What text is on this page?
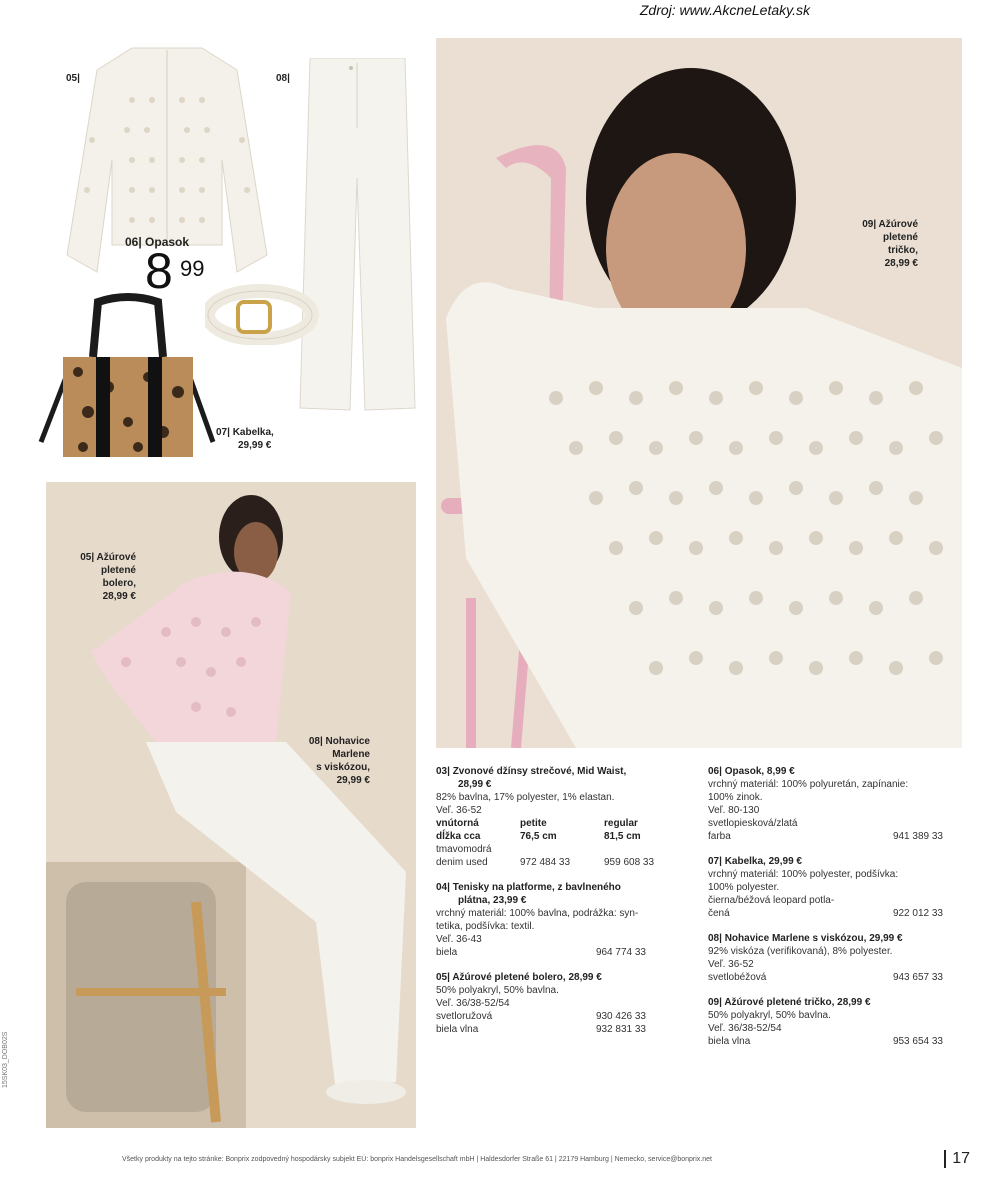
Zdroj: www.AkcneLetaky.sk
05|	08|
06| Opasok
8 99
07| Kabelka,
29,99 €
05| Ažúrové
pletené
bolero,
28,99 €
08| Nohavice
Marlene
s viskózou,
29,99 €
09| Ažúrové
pletené
tričko,
28,99 €
03| Zvonové džínsy strečové, Mid Waist,
28,99 €
82% bavlna, 17% polyester, 1% elastan.
Veľ. 36-52
vnútorná	petite	regular
dĺžka cca	76,5 cm	81,5 cm
tmavomodrá
denim used	972 484 33	959 608 33
04| Tenisky na platforme, z bavlneného
plátna, 23,99 €
vrchný materiál: 100% bavlna, podrážka: syn-
tetika, podšívka: textil.
Veľ. 36-43
biela	964 774 33
05| Ažúrové pletené bolero, 28,99 €
50% polyakryl, 50% bavlna.
Veľ. 36/38-52/54
svetloružová	930 426 33
biela vlna	932 831 33
06| Opasok, 8,99 €
vrchný materiál: 100% polyuretán, zapínanie:
100% zinok.
Veľ. 80-130
svetlopiesková/zlatá
farba	941 389 33
07| Kabelka, 29,99 €
vrchný materiál: 100% polyester, podšívka:
100% polyester.
čierna/béžová leopard potla-
čená	922 012 33
08| Nohavice Marlene s viskózou, 29,99 €
92% viskóza (verifikovaná), 8% polyester.
Veľ. 36-52
svetlobéžová	943 657 33
09| Ažúrové pletené tričko, 28,99 €
50% polyakryl, 50% bavlna.
Veľ. 36/38-52/54
biela vlna	953 654 33
Všetky produkty na tejto stránke: Bonprix zodpovedný hospodársky subjekt EÚ: bonprix Handelsgesellschaft mbH | Haldesdorfer Straße 61 | 22179 Hamburg | Nemecko, service@bonprix.net	17
15SK03_DOB02S
